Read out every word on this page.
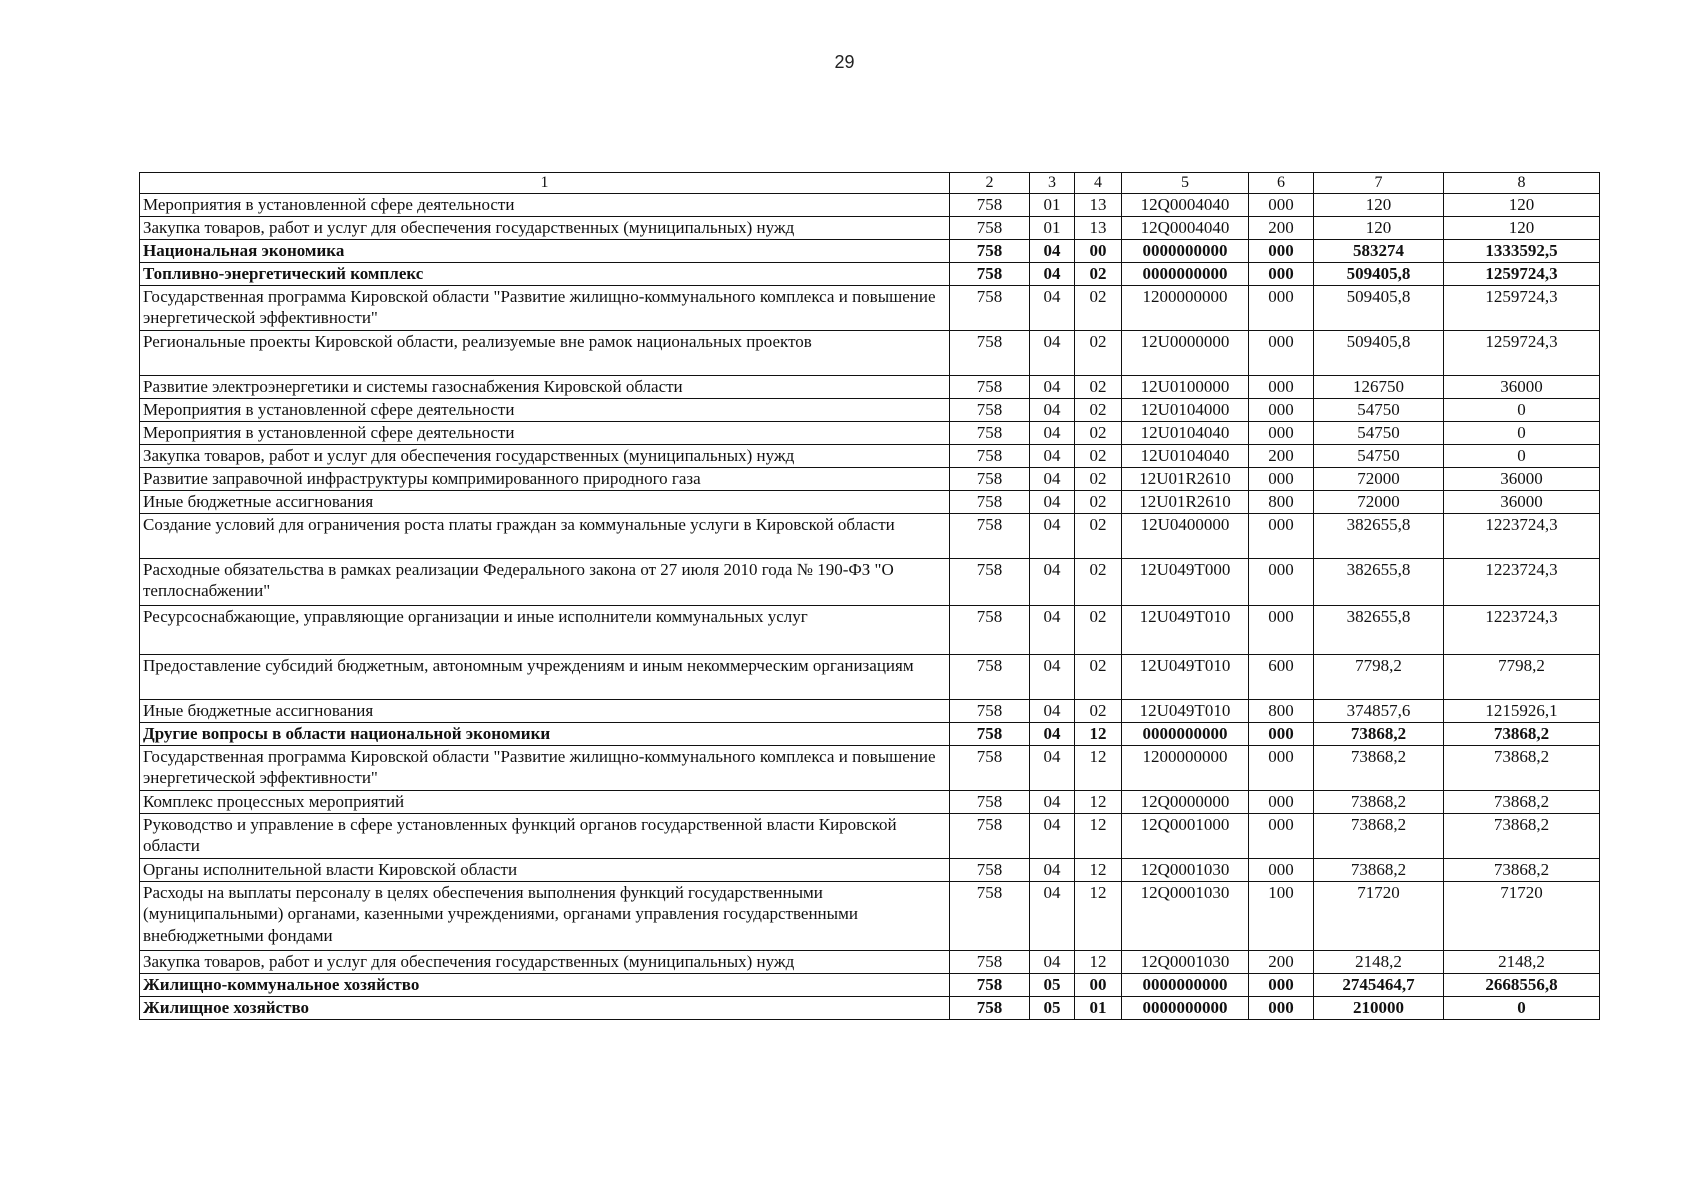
29
1	2	3	4	5	6	7	8
Мероприятия в установленной сфере деятельности	758	01	13	12Q0004040	000	120	120
Закупка товаров, работ и услуг для обеспечения государственных (муниципальных) нужд	758	01	13	12Q0004040	200	120	120
Национальная экономика	758	04	00	0000000000	000	583274	1333592,5
Топливно-энергетический комплекс	758	04	02	0000000000	000	509405,8	1259724,3
Государственная программа Кировской области "Развитие жилищно-коммунального комплекса и повышение энергетической эффективности"	758	04	02	1200000000	000	509405,8	1259724,3
Региональные проекты Кировской области, реализуемые вне рамок национальных проектов	758	04	02	12U0000000	000	509405,8	1259724,3
Развитие электроэнергетики и системы газоснабжения Кировской области	758	04	02	12U0100000	000	126750	36000
Мероприятия в установленной сфере деятельности	758	04	02	12U0104000	000	54750	0
Мероприятия в установленной сфере деятельности	758	04	02	12U0104040	000	54750	0
Закупка товаров, работ и услуг для обеспечения государственных (муниципальных) нужд	758	04	02	12U0104040	200	54750	0
Развитие заправочной инфраструктуры компримированного природного газа	758	04	02	12U01R2610	000	72000	36000
Иные бюджетные ассигнования	758	04	02	12U01R2610	800	72000	36000
Создание условий для ограничения роста платы граждан за коммунальные услуги в Кировской области	758	04	02	12U0400000	000	382655,8	1223724,3
Расходные обязательства в рамках реализации Федерального закона от 27 июля 2010 года № 190-ФЗ "О теплоснабжении"	758	04	02	12U049T000	000	382655,8	1223724,3
Ресурсоснабжающие, управляющие организации и иные исполнители коммунальных услуг	758	04	02	12U049T010	000	382655,8	1223724,3
Предоставление субсидий бюджетным, автономным учреждениям и иным некоммерческим организациям	758	04	02	12U049T010	600	7798,2	7798,2
Иные бюджетные ассигнования	758	04	02	12U049T010	800	374857,6	1215926,1
Другие вопросы в области национальной экономики	758	04	12	0000000000	000	73868,2	73868,2
Государственная программа Кировской области "Развитие жилищно-коммунального комплекса и повышение энергетической эффективности"	758	04	12	1200000000	000	73868,2	73868,2
Комплекс процессных мероприятий	758	04	12	12Q0000000	000	73868,2	73868,2
Руководство и управление в сфере установленных функций органов государственной власти Кировской области	758	04	12	12Q0001000	000	73868,2	73868,2
Органы исполнительной власти Кировской области	758	04	12	12Q0001030	000	73868,2	73868,2
Расходы на выплаты персоналу в целях обеспечения выполнения функций государственными (муниципальными) органами, казенными учреждениями, органами управления государственными внебюджетными фондами	758	04	12	12Q0001030	100	71720	71720
Закупка товаров, работ и услуг для обеспечения государственных (муниципальных) нужд	758	04	12	12Q0001030	200	2148,2	2148,2
Жилищно-коммунальное хозяйство	758	05	00	0000000000	000	2745464,7	2668556,8
Жилищное хозяйство	758	05	01	0000000000	000	210000	0
